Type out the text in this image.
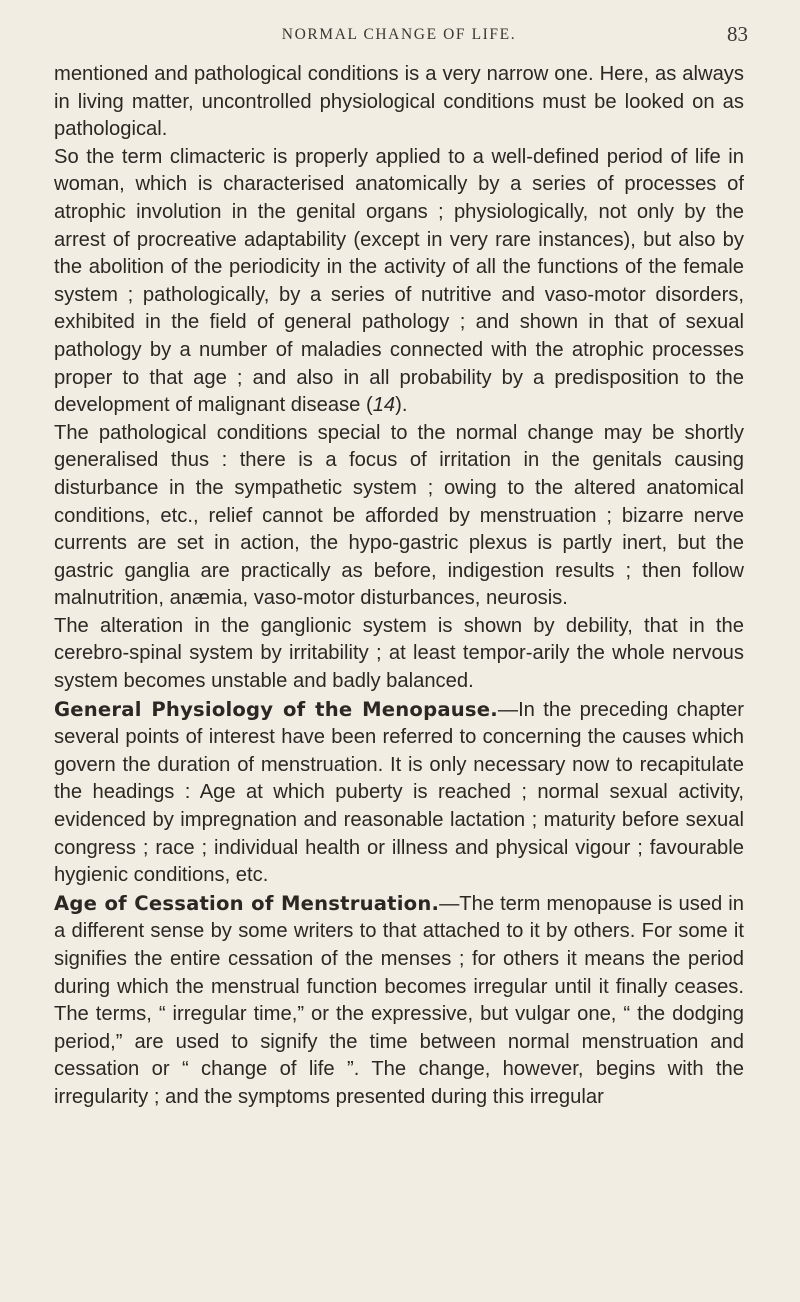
NORMAL CHANGE OF LIFE.	83

mentioned and pathological conditions is a very narrow one. Here, as always in living matter, uncontrolled physiological conditions must be looked on as pathological.

So the term climacteric is properly applied to a well-defined period of life in woman, which is characterised anatomically by a series of processes of atrophic involution in the genital organs ; physiologically, not only by the arrest of procreative adaptability (except in very rare instances), but also by the abolition of the periodicity in the activity of all the functions of the female system ; pathologically, by a series of nutritive and vaso-motor disorders, exhibited in the field of general pathology ; and shown in that of sexual pathology by a number of maladies connected with the atrophic processes proper to that age ; and also in all probability by a predisposition to the development of malignant disease (14).

The pathological conditions special to the normal change may be shortly generalised thus : there is a focus of irritation in the genitals causing disturbance in the sympathetic system ; owing to the altered anatomical conditions, etc., relief cannot be afforded by menstruation ; bizarre nerve currents are set in action, the hypo-gastric plexus is partly inert, but the gastric ganglia are practically as before, indigestion results ; then follow malnutrition, anæmia, vaso-motor disturbances, neurosis.

The alteration in the ganglionic system is shown by debility, that in the cerebro-spinal system by irritability ; at least tempor-arily the whole nervous system becomes unstable and badly balanced.

General Physiology of the Menopause.—In the preceding chapter several points of interest have been referred to concerning the causes which govern the duration of menstruation. It is only necessary now to recapitulate the headings : Age at which puberty is reached ; normal sexual activity, evidenced by impregnation and reasonable lactation ; maturity before sexual congress ; race ; individual health or illness and physical vigour ; favourable hygienic conditions, etc.

Age of Cessation of Menstruation.—The term menopause is used in a different sense by some writers to that attached to it by others. For some it signifies the entire cessation of the menses ; for others it means the period during which the menstrual function becomes irregular until it finally ceases. The terms, “ irregular time,” or the expressive, but vulgar one, “ the dodging period,” are used to signify the time between normal menstruation and cessation or “ change of life ”. The change, however, begins with the irregularity ; and the symptoms presented during this irregular
